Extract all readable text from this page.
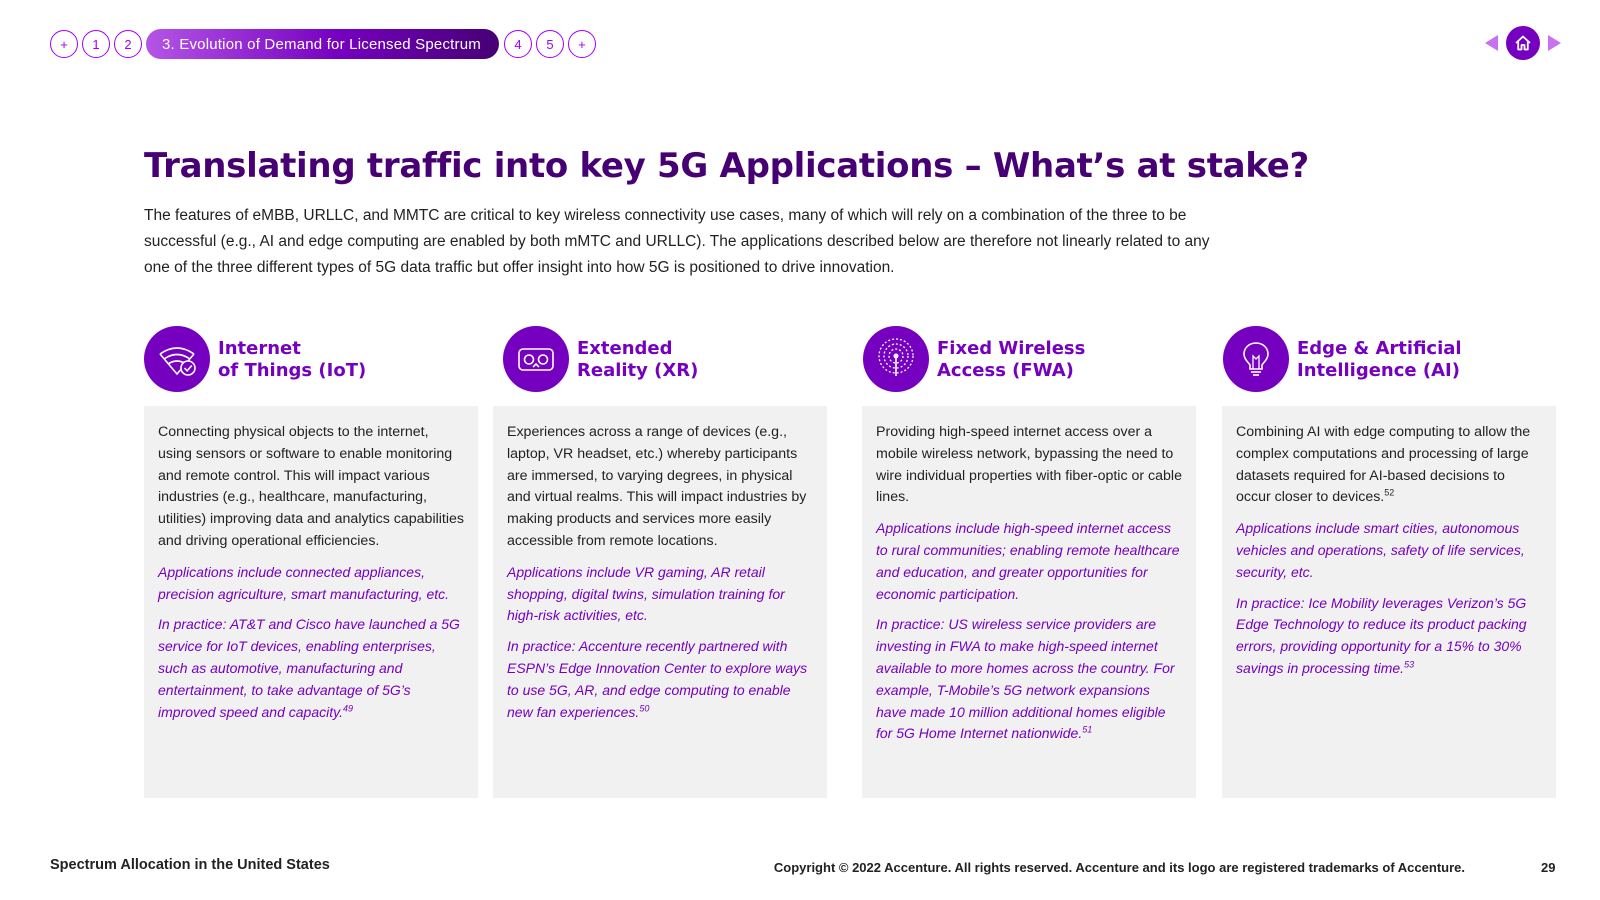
+	1	2	3. Evolution of Demand for Licensed Spectrum	4	5	+
Translating traffic into key 5G Applications – What’s at stake?

The features of eMBB, URLLC, and MMTC are critical to key wireless connectivity use cases, many of which will rely on a combination of the three to be successful (e.g., AI and edge computing are enabled by both mMTC and URLLC). The applications described below are therefore not linearly related to any one of the three different types of 5G data traffic but offer insight into how 5G is positioned to drive innovation.

Internet
of Things (IoT)

Connecting physical objects to the internet, using sensors or software to enable monitoring and remote control. This will impact various industries (e.g., healthcare, manufacturing, utilities) improving data and analytics capabilities and driving operational efficiencies.

Applications include connected appliances, precision agriculture, smart manufacturing, etc.

In practice: AT&T and Cisco have launched a 5G service for IoT devices, enabling enterprises, such as automotive, manufacturing and entertainment, to take advantage of 5G’s improved speed and capacity.$^{49}$

Extended
Reality (XR)

Experiences across a range of devices (e.g., laptop, VR headset, etc.) whereby participants are immersed, to varying degrees, in physical and virtual realms. This will impact industries by making products and services more easily accessible from remote locations.

Applications include VR gaming, AR retail shopping, digital twins, simulation training for high-risk activities, etc.

In practice: Accenture recently partnered with ESPN’s Edge Innovation Center to explore ways to use 5G, AR, and edge computing to enable new fan experiences.$^{50}$

Fixed Wireless
Access (FWA)

Providing high-speed internet access over a mobile wireless network, bypassing the need to wire individual properties with fiber-optic or cable lines.

Applications include high-speed internet access to rural communities; enabling remote healthcare and education, and greater opportunities for economic participation.

In practice: US wireless service providers are investing in FWA to make high-speed internet available to more homes across the country. For example, T-Mobile’s 5G network expansions have made 10 million additional homes eligible for 5G Home Internet nationwide.$^{51}$

Edge & Artificial
Intelligence (AI)

Combining AI with edge computing to allow the complex computations and processing of large datasets required for AI-based decisions to occur closer to devices.$^{52}$

Applications include smart cities, autonomous vehicles and operations, safety of life services, security, etc.

In practice: Ice Mobility leverages Verizon’s 5G Edge Technology to reduce its product packing errors, providing opportunity for a 15% to 30% savings in processing time.$^{53}$

Spectrum Allocation in the United States	Copyright © 2022 Accenture. All rights reserved. Accenture and its logo are registered trademarks of Accenture.	29
